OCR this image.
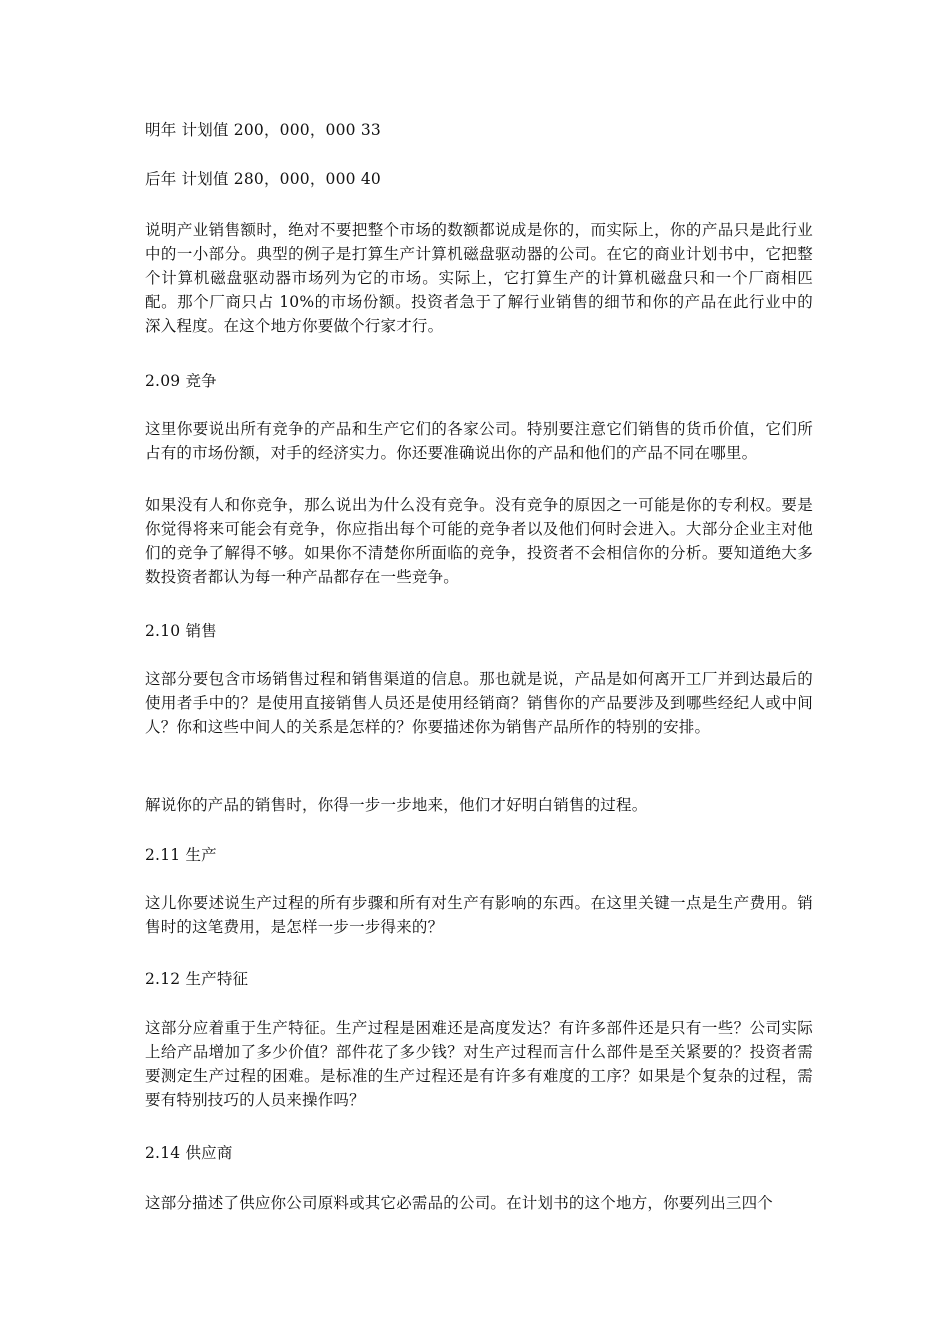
明年 计划值 200，000，000 33
后年 计划值 280，000，000 40
说明产业销售额时，绝对不要把整个市场的数额都说成是你的，而实际上，你的产品只是此行业中的一小部分。典型的例子是打算生产计算机磁盘驱动器的公司。在它的商业计划书中，它把整个计算机磁盘驱动器市场列为它的市场。实际上，它打算生产的计算机磁盘只和一个厂商相匹配。那个厂商只占 10%的市场份额。投资者急于了解行业销售的细节和你的产品在此行业中的深入程度。在这个地方你要做个行家才行。
2.09 竞争
这里你要说出所有竞争的产品和生产它们的各家公司。特别要注意它们销售的货币价值，它们所占有的市场份额，对手的经济实力。你还要准确说出你的产品和他们的产品不同在哪里。
如果没有人和你竞争，那么说出为什么没有竞争。没有竞争的原因之一可能是你的专利权。要是你觉得将来可能会有竞争，你应指出每个可能的竞争者以及他们何时会进入。大部分企业主对他们的竞争了解得不够。如果你不清楚你所面临的竞争，投资者不会相信你的分析。要知道绝大多数投资者都认为每一种产品都存在一些竞争。
2.10 销售
这部分要包含市场销售过程和销售渠道的信息。那也就是说，产品是如何离开工厂并到达最后的使用者手中的？是使用直接销售人员还是使用经销商？销售你的产品要涉及到哪些经纪人或中间人？你和这些中间人的关系是怎样的？你要描述你为销售产品所作的特别的安排。
解说你的产品的销售时，你得一步一步地来，他们才好明白销售的过程。
2.11 生产
这儿你要述说生产过程的所有步骤和所有对生产有影响的东西。在这里关键一点是生产费用。销售时的这笔费用，是怎样一步一步得来的？
2.12 生产特征
这部分应着重于生产特征。生产过程是困难还是高度发达？有许多部件还是只有一些？公司实际上给产品增加了多少价值？部件花了多少钱？对生产过程而言什么部件是至关紧要的？投资者需要测定生产过程的困难。是标准的生产过程还是有许多有难度的工序？如果是个复杂的过程，需要有特别技巧的人员来操作吗？
2.14 供应商
这部分描述了供应你公司原料或其它必需品的公司。在计划书的这个地方，你要列出三四个
